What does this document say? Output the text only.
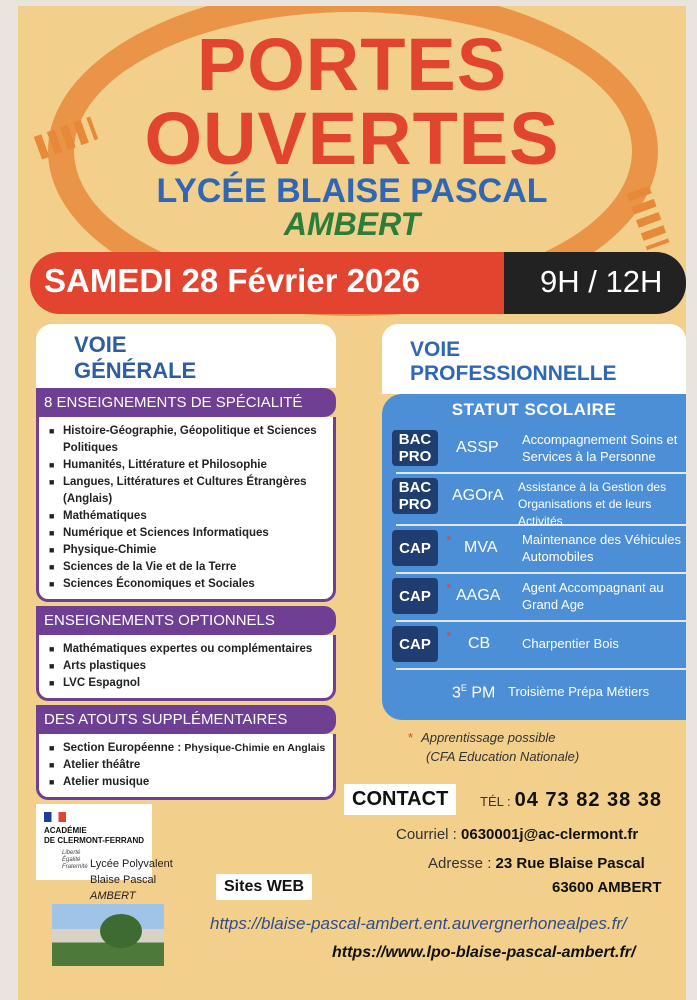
PORTES
OUVERTES
LYCÉE BLAISE PASCAL
AMBERT
SAMEDI 28 Février 2026	9H / 12H
VOIE
GÉNÉRALE
8 ENSEIGNEMENTS DE SPÉCIALITÉ
■ Histoire-Géographie, Géopolitique et Sciences Politiques
■ Humanités, Littérature et Philosophie
■ Langues, Littératures et Cultures Étrangères (Anglais)
■ Mathématiques
■ Numérique et Sciences Informatiques
■ Physique-Chimie
■ Sciences de la Vie et de la Terre
■ Sciences Économiques et Sociales
ENSEIGNEMENTS OPTIONNELS
■ Mathématiques expertes ou complémentaires
■ Arts plastiques
■ LVC Espagnol
DES ATOUTS SUPPLÉMENTAIRES
■ Section Européenne : Physique-Chimie en Anglais
■ Atelier théâtre
■ Atelier musique
VOIE
PROFESSIONNELLE
STATUT SCOLAIRE
BAC
PRO
ASSP Accompagnement Soins et Services à la Personne
BAC
PRO
AGOrA Assistance à la Gestion des Organisations et de leurs Activités
CAP	* MVA Maintenance des Véhicules Automobiles
CAP	* AAGA Agent Accompagnant au Grand Age
CAP	* CB Charpentier Bois
$3^E$ PM Troisième Prépa Métiers
* Apprentissage possible
(CFA Education Nationale)
CONTACT	TÉL : 04 73 82 38 38
Courriel : 0630001j@ac-clermont.fr
Adresse : 23 Rue Blaise Pascal
63600 AMBERT
ACADÉMIE
DE CLERMONT-FERRAND
Liberté
Égalité
Fraternité Lycée Polyvalent
Blaise Pascal
AMBERT
Sites WEB
https://blaise-pascal-ambert.ent.auvergnerhonealpes.fr/
https://www.lpo-blaise-pascal-ambert.fr/
